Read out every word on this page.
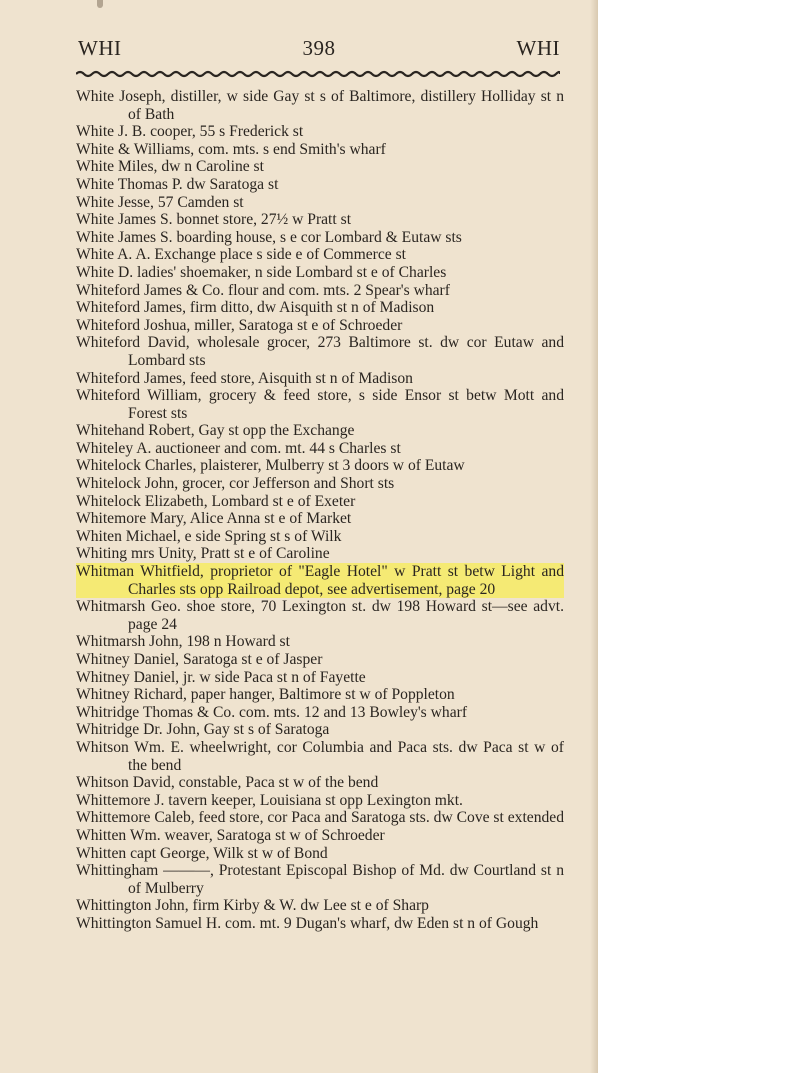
WHI	398	WHI

White Joseph, distiller, w side Gay st s of Baltimore, distillery Holliday st n of Bath

White J. B. cooper, 55 s Frederick st

White & Williams, com. mts. s end Smith's wharf

White Miles, dw n Caroline st

White Thomas P. dw Saratoga st

White Jesse, 57 Camden st

White James S. bonnet store, 27½ w Pratt st

White James S. boarding house, s e cor Lombard & Eutaw sts

White A. A. Exchange place s side e of Commerce st

White D. ladies' shoemaker, n side Lombard st e of Charles

Whiteford James & Co. flour and com. mts. 2 Spear's wharf

Whiteford James, firm ditto, dw Aisquith st n of Madison

Whiteford Joshua, miller, Saratoga st e of Schroeder

Whiteford David, wholesale grocer, 273 Baltimore st. dw cor Eutaw and Lombard sts

Whiteford James, feed store, Aisquith st n of Madison

Whiteford William, grocery & feed store, s side Ensor st betw Mott and Forest sts

Whitehand Robert, Gay st opp the Exchange

Whiteley A. auctioneer and com. mt. 44 s Charles st

Whitelock Charles, plaisterer, Mulberry st 3 doors w of Eutaw

Whitelock John, grocer, cor Jefferson and Short sts

Whitelock Elizabeth, Lombard st e of Exeter

Whitemore Mary, Alice Anna st e of Market

Whiten Michael, e side Spring st s of Wilk

Whiting mrs Unity, Pratt st e of Caroline

Whitman Whitfield, proprietor of "Eagle Hotel" w Pratt st betw Light and Charles sts opp Railroad depot, see advertisement, page 20

Whitmarsh Geo. shoe store, 70 Lexington st. dw 198 Howard st—see advt. page 24

Whitmarsh John, 198 n Howard st

Whitney Daniel, Saratoga st e of Jasper

Whitney Daniel, jr. w side Paca st n of Fayette

Whitney Richard, paper hanger, Baltimore st w of Poppleton

Whitridge Thomas & Co. com. mts. 12 and 13 Bowley's wharf

Whitridge Dr. John, Gay st s of Saratoga

Whitson Wm. E. wheelwright, cor Columbia and Paca sts. dw Paca st w of the bend

Whitson David, constable, Paca st w of the bend

Whittemore J. tavern keeper, Louisiana st opp Lexington mkt.

Whittemore Caleb, feed store, cor Paca and Saratoga sts. dw Cove st extended

Whitten Wm. weaver, Saratoga st w of Schroeder

Whitten capt George, Wilk st w of Bond

Whittingham ———, Protestant Episcopal Bishop of Md. dw Courtland st n of Mulberry

Whittington John, firm Kirby & W. dw Lee st e of Sharp

Whittington Samuel H. com. mt. 9 Dugan's wharf, dw Eden st n of Gough
